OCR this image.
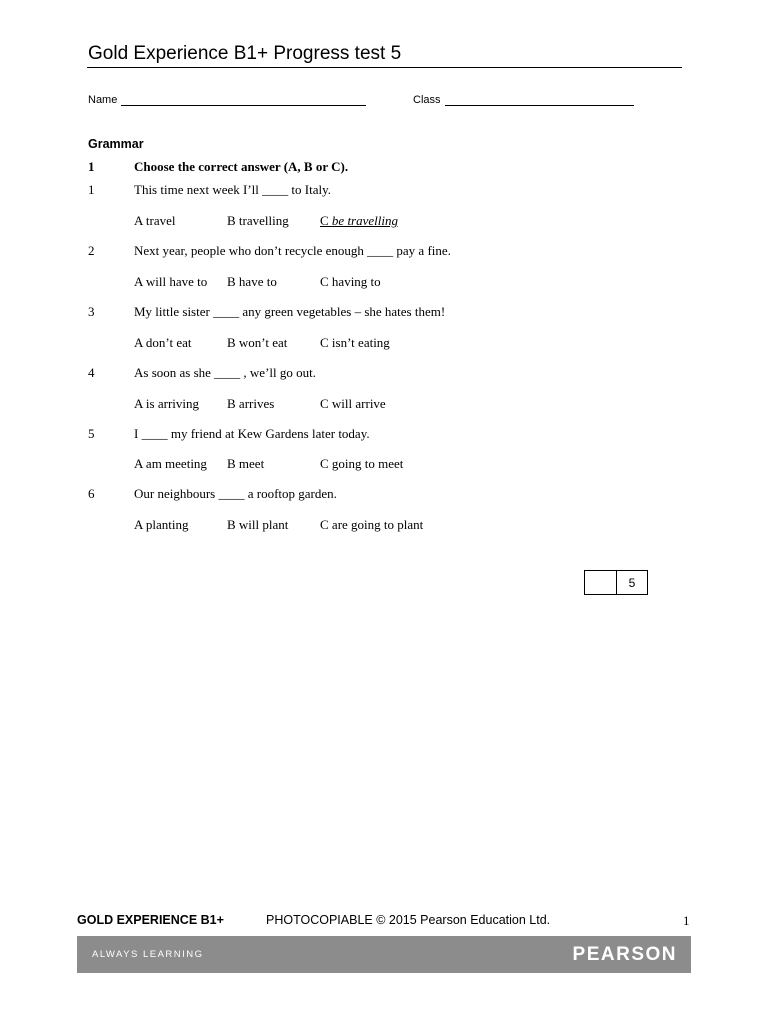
Gold Experience B1+ Progress test 5
Name	Class
Grammar
1	Choose the correct answer (A, B or C).
1	This time next week I’ll ____ to Italy.
A travel	B travelling C be travelling
2	Next year, people who don’t recycle enough ____ pay a fine.
A will have to B have to	C having to
3	My little sister ____ any green vegetables – she hates them!
A don’t eat	B won’t eat	C isn’t eating
4	As soon as she ____ , we’ll go out.
A is arriving B arrives	C will arrive
5	I ____ my friend at Kew Gardens later today.
A am meeting B meet	C going to meet
6	Our neighbours ____ a rooftop garden.
A planting	B will plant C are going to plant
5
GOLD EXPERIENCE B1+	PHOTOCOPIABLE © 2015 Pearson Education Ltd.	1
ALWAYS LEARNING	PEARSON
